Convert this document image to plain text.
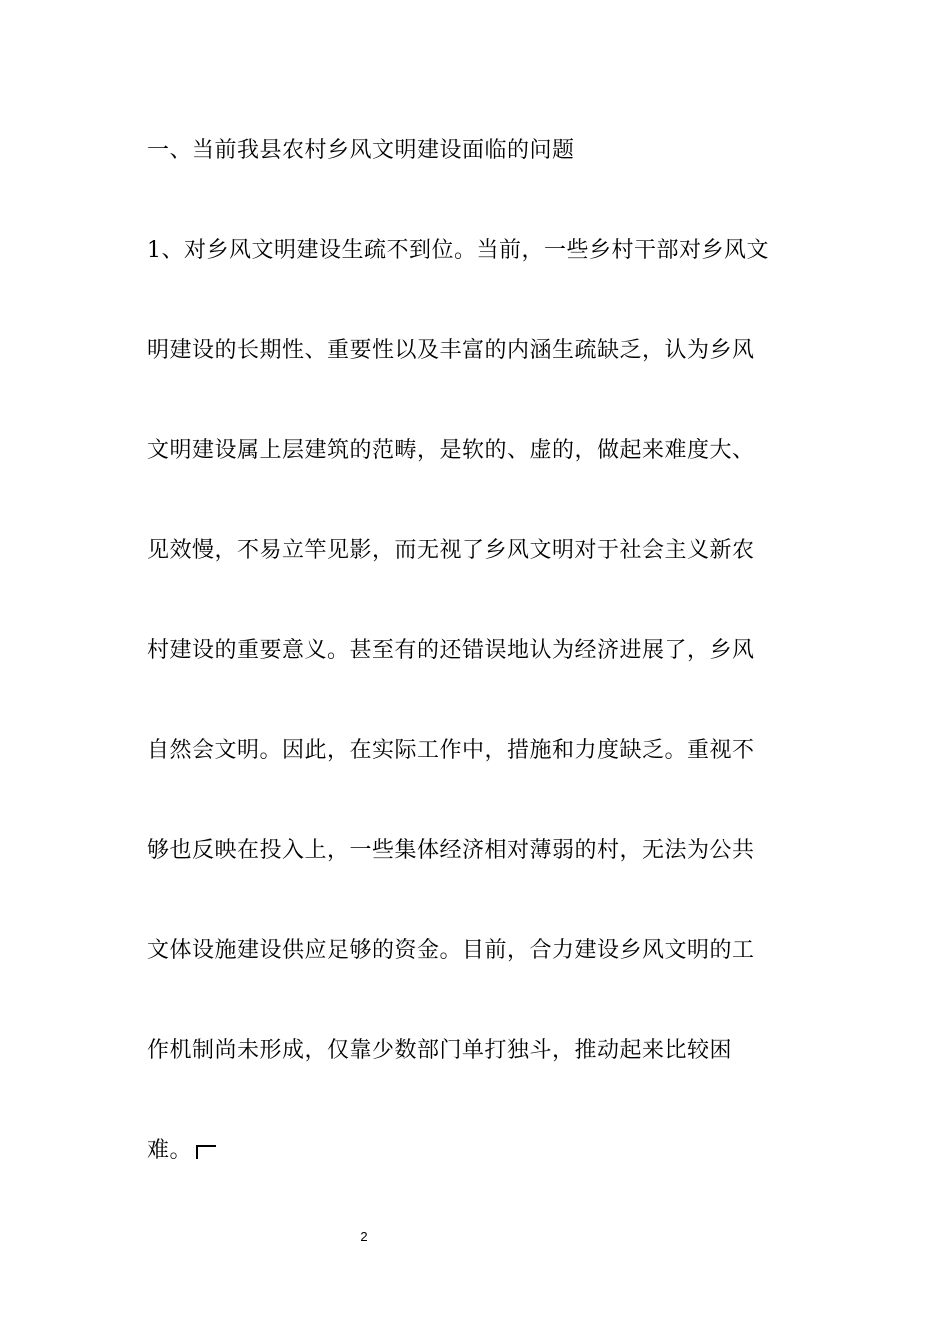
一、当前我县农村乡风文明建设面临的问题
1、对乡风文明建设生疏不到位。当前，一些乡村干部对乡风文
明建设的长期性、重要性以及丰富的内涵生疏缺乏，认为乡风
文明建设属上层建筑的范畴，是软的、虚的，做起来难度大、
见效慢，不易立竿见影，而无视了乡风文明对于社会主义新农
村建设的重要意义。甚至有的还错误地认为经济进展了，乡风
自然会文明。因此，在实际工作中，措施和力度缺乏。重视不
够也反映在投入上，一些集体经济相对薄弱的村，无法为公共
文体设施建设供应足够的资金。目前，合力建设乡风文明的工
作机制尚未形成，仅靠少数部门单打独斗，推动起来比较困
难。
2
